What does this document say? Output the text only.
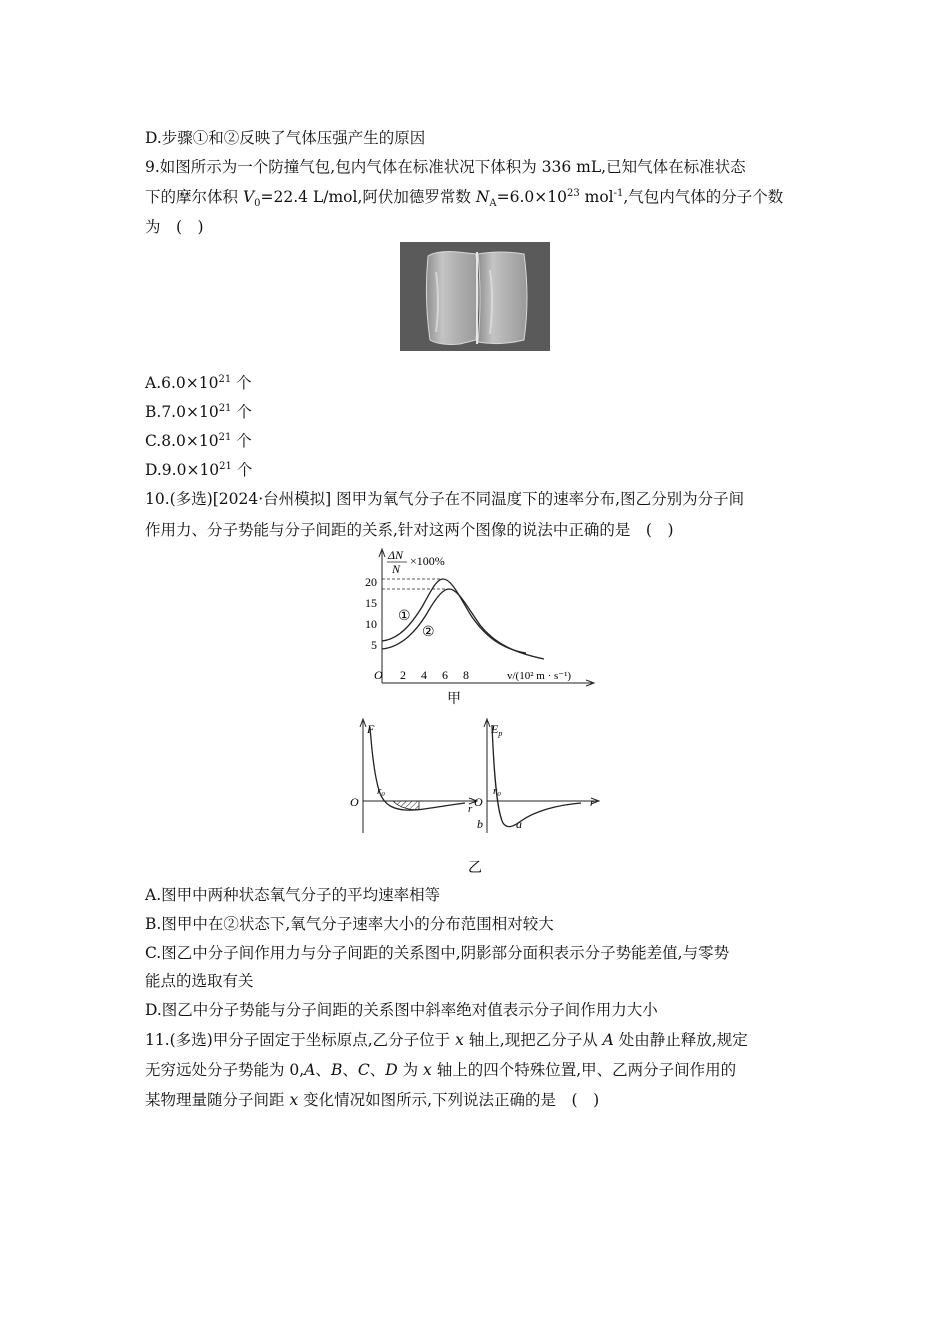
D.步骤①和②反映了气体压强产生的原因
9.如图所示为一个防撞气包,包内气体在标准状况下体积为 336 mL,已知气体在标准状态
下的摩尔体积 $V_0=22.4$ L/mol,阿伏加德罗常数 $N_A=6.0\times 10^{23}$ mol$^{-1}$,气包内气体的分子个数
为　(　)
$A.6.0\times 10^{21}$ 个
$B.7.0\times 10^{21}$ 个
$C.8.0\times 10^{21}$ 个
$D.9.0\times 10^{21}$ 个
10.(多选)[2024·台州模拟] 图甲为氧气分子在不同温度下的速率分布,图乙分别为分子间
作用力、分子势能与分子间距的关系,针对这两个图像的说法中正确的是　(　)
ΔN
N
×100%
20
15
10
5
O 2 4 6 8	v/(10² m · s⁻¹)
①
②
甲
F
O
r₀
r
$E_p$
O
r₀
r
b	a
乙
A.图甲中两种状态氧气分子的平均速率相等
B.图甲中在②状态下,氧气分子速率大小的分布范围相对较大
C.图乙中分子间作用力与分子间距的关系图中,阴影部分面积表示分子势能差值,与零势
能点的选取有关
D.图乙中分子势能与分子间距的关系图中斜率绝对值表示分子间作用力大小
11.(多选)甲分子固定于坐标原点,乙分子位于 x 轴上,现把乙分子从 A 处由静止释放,规定
无穷远处分子势能为 0,A、B、C、D 为 x 轴上的四个特殊位置,甲、乙两分子间作用的
某物理量随分子间距 x 变化情况如图所示,下列说法正确的是　(　)
